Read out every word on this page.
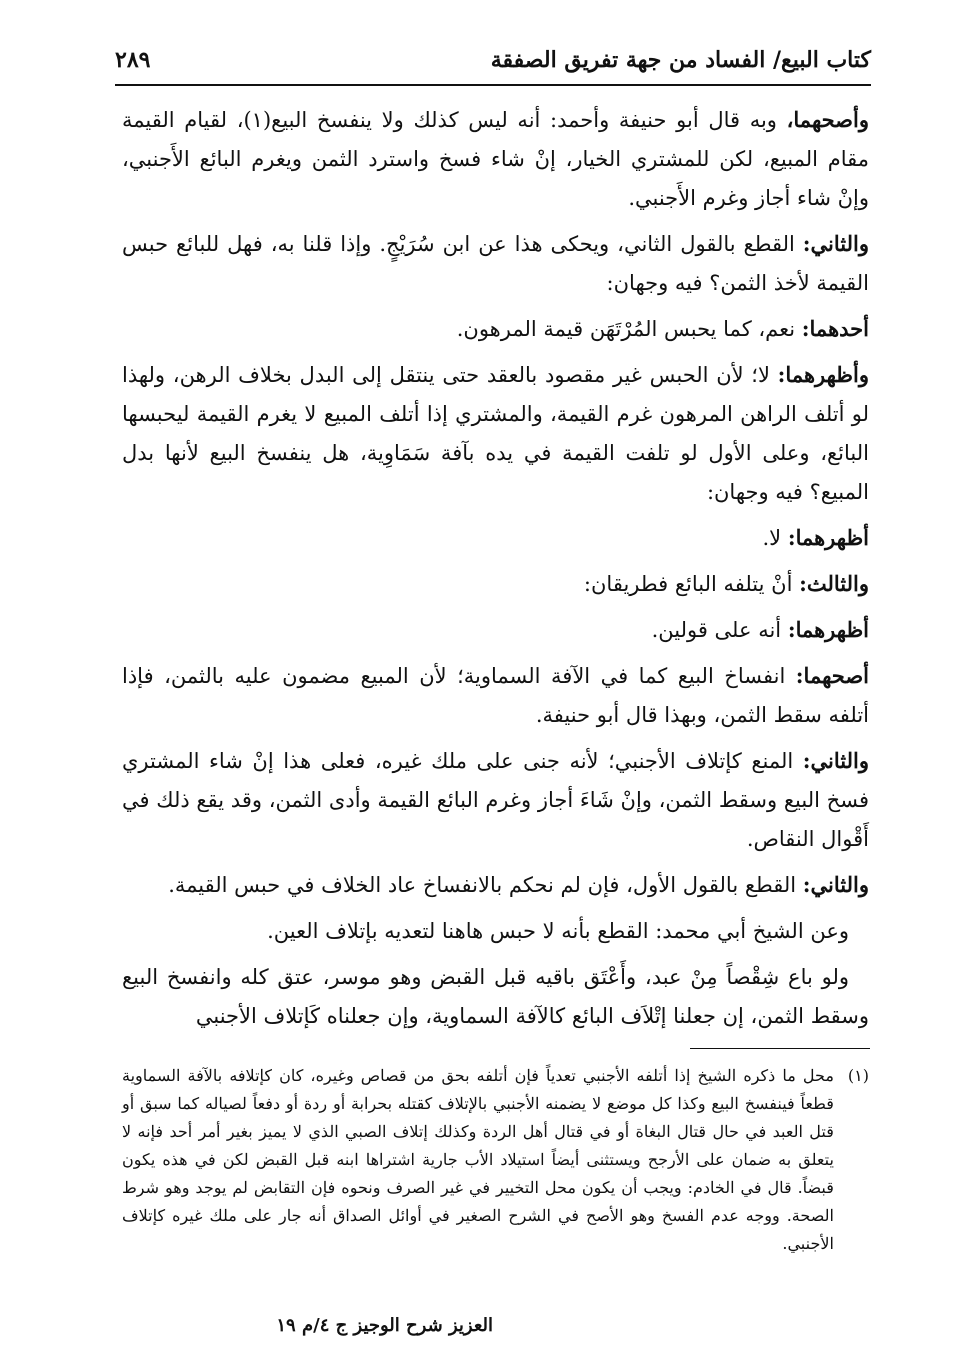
كتاب البيع/ الفساد من جهة تفريق الصفقة
٢٨٩

وأصحهما، وبه قال أبو حنيفة وأحمد: أنه ليس كذلك ولا ينفسخ البيع(١)، لقيام القيمة مقام المبيع، لكن للمشتري الخيار، إنْ شاء فسخ واسترد الثمن ويغرم البائع الأَجنبي، وإنْ شاء أجاز وغرم الأَجنبي.

والثاني: القطع بالقول الثاني، ويحكى هذا عن ابن سُرَيْجٍ. وإذا قلنا به، فهل للبائع حبس القيمة لأخذ الثمن؟ فيه وجهان:

أحدهما: نعم، كما يحبس المُرْتَهَن قيمة المرهون.

وأظهرهما: لا؛ لأن الحبس غير مقصود بالعقد حتى ينتقل إلى البدل بخلاف الرهن، ولهذا لو أتلف الراهن المرهون غرم القيمة، والمشتري إذا أتلف المبيع لا يغرم القيمة ليحبسها البائع، وعلى الأول لو تلفت القيمة في يده بآفة سَمَاوِية، هل ينفسخ البيع لأنها بدل المبيع؟ فيه وجهان:

أظهرهما: لا.

والثالث: أنْ يتلفه البائع فطريقان:

أظهرهما: أنه على قولين.

أصحهما: انفساخ البيع كما في الآفة السماوية؛ لأن المبيع مضمون عليه بالثمن، فإذا أتلفه سقط الثمن، وبهذا قال أبو حنيفة.

والثاني: المنع كإتلاف الأجنبي؛ لأنه جنى على ملك غيره، فعلى هذا إنْ شاء المشتري فسخ البيع وسقط الثمن، وإنْ شَاءَ أجاز وغرم البائع القيمة وأدى الثمن، وقد يقع ذلك في أَقْوال النقاص.

والثاني: القطع بالقول الأول، فإن لم نحكم بالانفساخ عاد الخلاف في حبس القيمة.

وعن الشيخ أبي محمد: القطع بأنه لا حبس هاهنا لتعديه بإتلاف العين.

ولو باع شِقْصاً مِنْ عبد، وأَعْتَق باقيه قبل القبض وهو موسر، عتق كله وانفسخ البيع وسقط الثمن، إن جعلنا إتْلاَف البائع كالآفة السماوية، وإن جعلناه كَإتلاف الأجنبي

(١)
محل ما ذكره الشيخ إذا أتلفه الأجنبي تعدياً فإن أتلفه بحق من قصاص وغيره، كان كإتلافه بالآفة السماوية قطعاً فينفسخ البيع وكذا كل موضع لا يضمنه الأجنبي بالإتلاف كقتله بحرابة أو ردة أو دفعاً لصياله كما سبق أو قتل العبد في حال قتال البغاة أو في قتال أهل الردة وكذلك إتلاف الصبي الذي لا يميز بغير أمر أحد فإنه لا يتعلق به ضمان على الأرجح ويستثنى أيضاً استيلاد الأب جارية اشتراها ابنه قبل القبض لكن في هذه يكون قبضاً. قال في الخادم: ويجب أن يكون محل التخيير في غير الصرف ونحوه فإن التقابض لم يوجد وهو شرط الصحة. ووجه عدم الفسخ وهو الأصح في الشرح الصغير في أوائل الصداق أنه جار على ملك غيره كإتلاف الأجنبي.
العزيز شرح الوجيز ج ٤/م ١٩
